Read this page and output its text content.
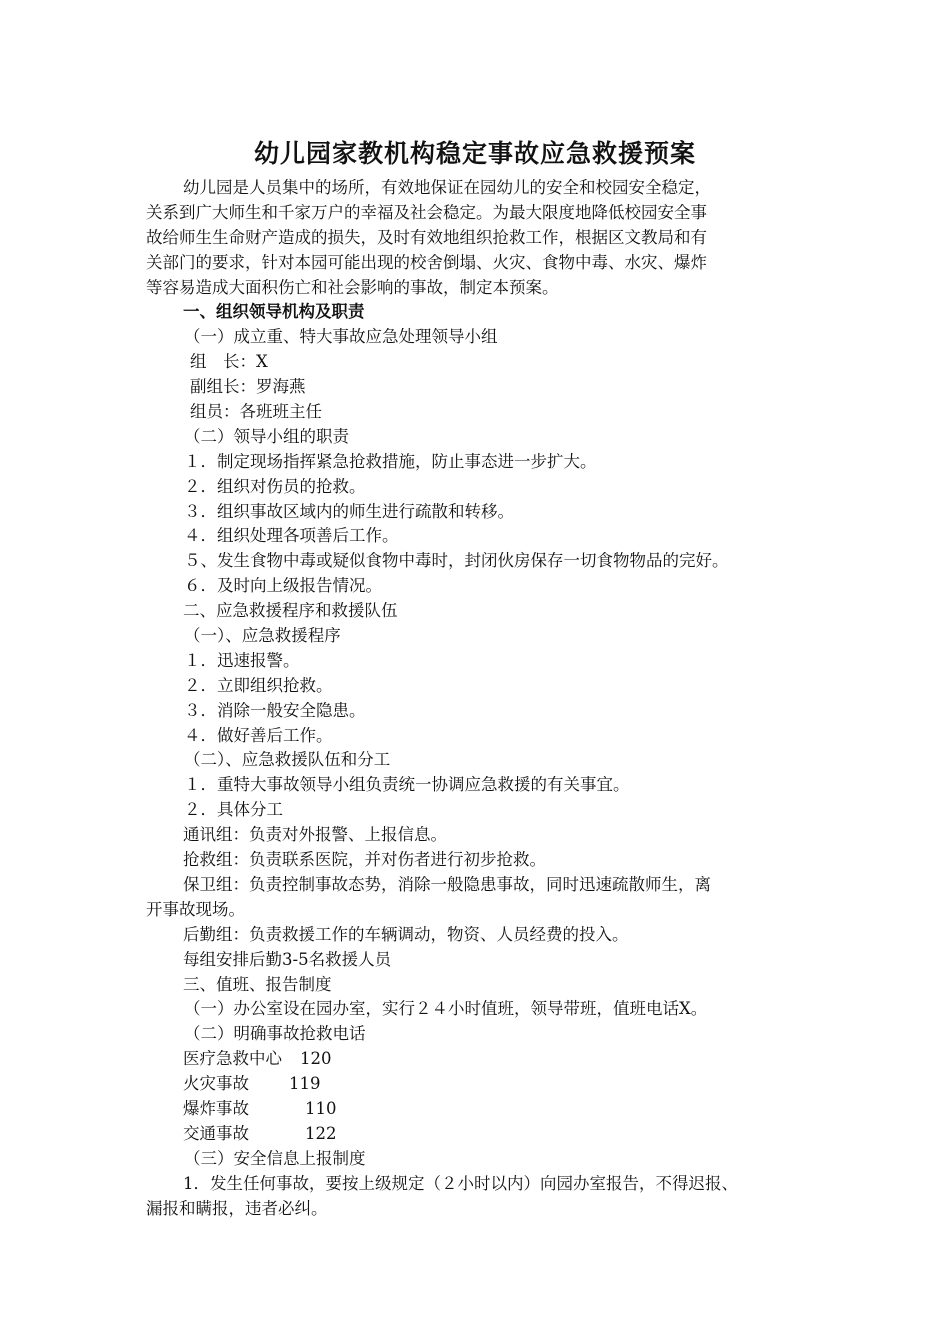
幼儿园家教机构稳定事故应急救援预案
幼儿园是人员集中的场所，有效地保证在园幼儿的安全和校园安全稳定，
关系到广大师生和千家万户的幸福及社会稳定。为最大限度地降低校园安全事
故给师生生命财产造成的损失，及时有效地组织抢救工作，根据区文教局和有
关部门的要求，针对本园可能出现的校舍倒塌、火灾、食物中毒、水灾、爆炸
等容易造成大面积伤亡和社会影响的事故，制定本预案。
一、组织领导机构及职责
（一）成立重、特大事故应急处理领导小组
组　长：X
副组长：罗海燕
组员：各班班主任
（二）领导小组的职责
１．制定现场指挥紧急抢救措施，防止事态进一步扩大。
２．组织对伤员的抢救。
３．组织事故区域内的师生进行疏散和转移。
４．组织处理各项善后工作。
５、发生食物中毒或疑似食物中毒时，封闭伙房保存一切食物物品的完好。
６．及时向上级报告情况。
二、应急救援程序和救援队伍
（一）、应急救援程序
１．迅速报警。
２．立即组织抢救。
３．消除一般安全隐患。
４．做好善后工作。
（二）、应急救援队伍和分工
１．重特大事故领导小组负责统一协调应急救援的有关事宜。
２．具体分工
通讯组：负责对外报警、上报信息。
抢救组：负责联系医院，并对伤者进行初步抢救。
保卫组：负责控制事故态势，消除一般隐患事故，同时迅速疏散师生，离
开事故现场。
后勤组：负责救援工作的车辆调动，物资、人员经费的投入。
每组安排后勤3-5名救援人员
三、值班、报告制度
（一）办公室设在园办室，实行２４小时值班，领导带班，值班电话X。
（二）明确事故抢救电话
医疗急救中心 120
火灾事故 119
爆炸事故	110
交通事故	122
（三）安全信息上报制度
1．发生任何事故，要按上级规定（２小时以内）向园办室报告，不得迟报、
漏报和瞒报，违者必纠。
